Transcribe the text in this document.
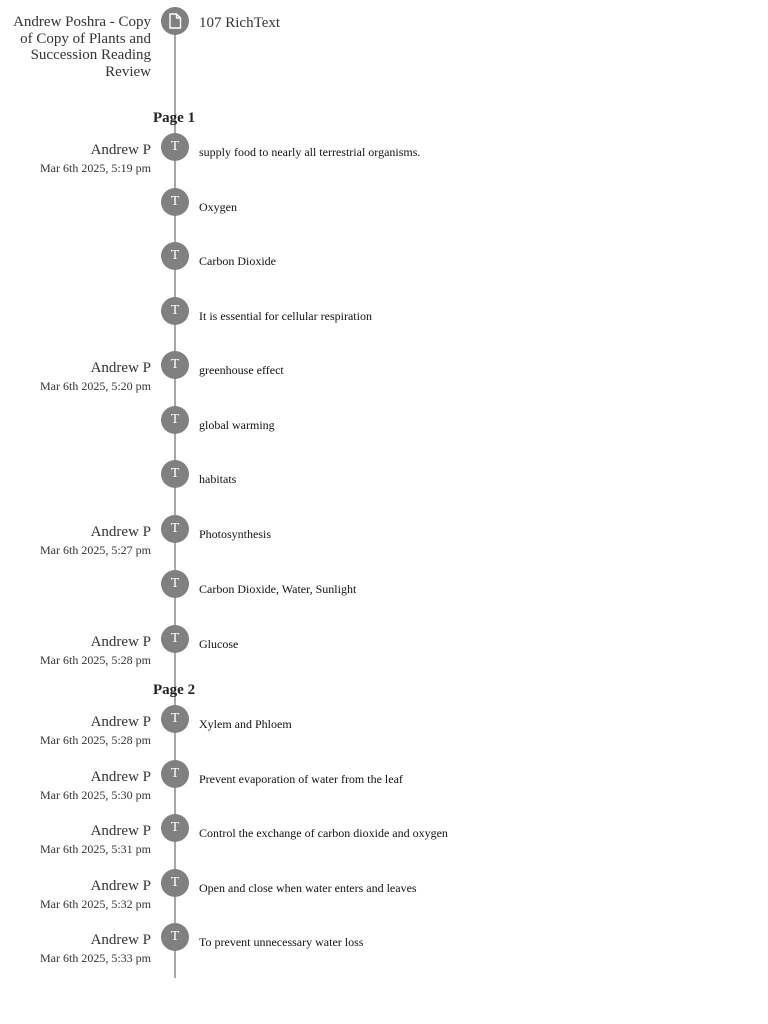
Andrew Poshra - Copy of Copy of Plants and Succession Reading Review
107 RichText
Page 1
Page 2
Andrew P
Mar 6th 2025, 5:19 pm
T	supply food to nearly all terrestrial organisms.
T	Oxygen
T	Carbon Dioxide
T	It is essential for cellular respiration
Andrew P
Mar 6th 2025, 5:20 pm
T	greenhouse effect
T	global warming
T	habitats
Andrew P
Mar 6th 2025, 5:27 pm
T	Photosynthesis
T	Carbon Dioxide, Water, Sunlight
Andrew P
Mar 6th 2025, 5:28 pm
T	Glucose
Andrew P
Mar 6th 2025, 5:28 pm
T	Xylem and Phloem
Andrew P
Mar 6th 2025, 5:30 pm
T	Prevent evaporation of water from the leaf
Andrew P
Mar 6th 2025, 5:31 pm
T	Control the exchange of carbon dioxide and oxygen
Andrew P
Mar 6th 2025, 5:32 pm
T	Open and close when water enters and leaves
Andrew P
Mar 6th 2025, 5:33 pm
T	To prevent unnecessary water loss
